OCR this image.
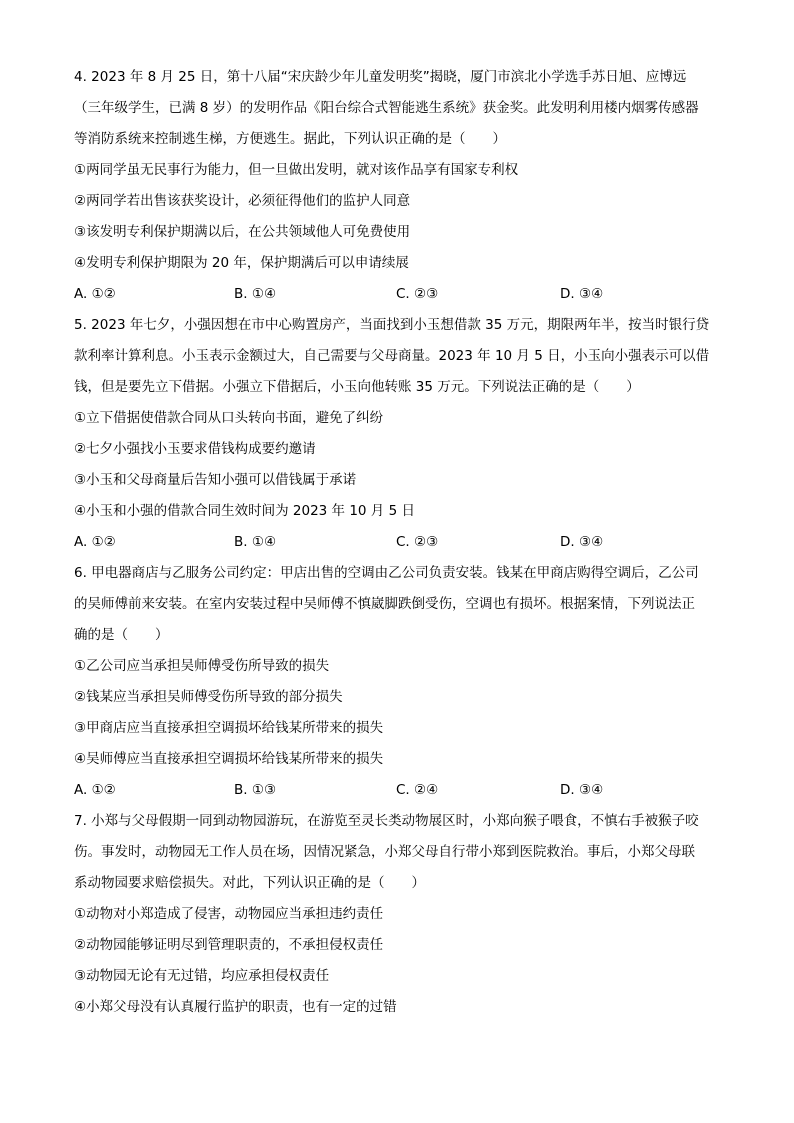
4. 2023 年 8 月 25 日，第十八届“宋庆龄少年儿童发明奖”揭晓，厦门市滨北小学选手苏日旭、应博远
（三年级学生，已满 8 岁）的发明作品《阳台综合式智能逃生系统》获金奖。此发明利用楼内烟雾传感器
等消防系统来控制逃生梯，方便逃生。据此，下列认识正确的是（　　）
①两同学虽无民事行为能力，但一旦做出发明，就对该作品享有国家专利权
②两同学若出售该获奖设计，必须征得他们的监护人同意
③该发明专利保护期满以后，在公共领域他人可免费使用
④发明专利保护期限为 20 年，保护期满后可以申请续展
A. ①②	B. ①④	C. ②③	D. ③④
5. 2023 年七夕，小强因想在市中心购置房产，当面找到小玉想借款 35 万元，期限两年半，按当时银行贷
款利率计算利息。小玉表示金额过大，自己需要与父母商量。2023 年 10 月 5 日，小玉向小强表示可以借
钱，但是要先立下借据。小强立下借据后，小玉向他转账 35 万元。下列说法正确的是（　　）
①立下借据使借款合同从口头转向书面，避免了纠纷
②七夕小强找小玉要求借钱构成要约邀请
③小玉和父母商量后告知小强可以借钱属于承诺
④小玉和小强的借款合同生效时间为 2023 年 10 月 5 日
A. ①②	B. ①④	C. ②③	D. ③④
6. 甲电器商店与乙服务公司约定：甲店出售的空调由乙公司负责安装。钱某在甲商店购得空调后，乙公司
的吴师傅前来安装。在室内安装过程中吴师傅不慎崴脚跌倒受伤，空调也有损坏。根据案情，下列说法正
确的是（　　）
①乙公司应当承担吴师傅受伤所导致的损失
②钱某应当承担吴师傅受伤所导致的部分损失
③甲商店应当直接承担空调损坏给钱某所带来的损失
④吴师傅应当直接承担空调损坏给钱某所带来的损失
A. ①②	B. ①③	C. ②④	D. ③④
7. 小郑与父母假期一同到动物园游玩，在游览至灵长类动物展区时，小郑向猴子喂食，不慎右手被猴子咬
伤。事发时，动物园无工作人员在场，因情况紧急，小郑父母自行带小郑到医院救治。事后，小郑父母联
系动物园要求赔偿损失。对此，下列认识正确的是（　　）
①动物对小郑造成了侵害，动物园应当承担违约责任
②动物园能够证明尽到管理职责的，不承担侵权责任
③动物园无论有无过错，均应承担侵权责任
④小郑父母没有认真履行监护的职责，也有一定的过错
